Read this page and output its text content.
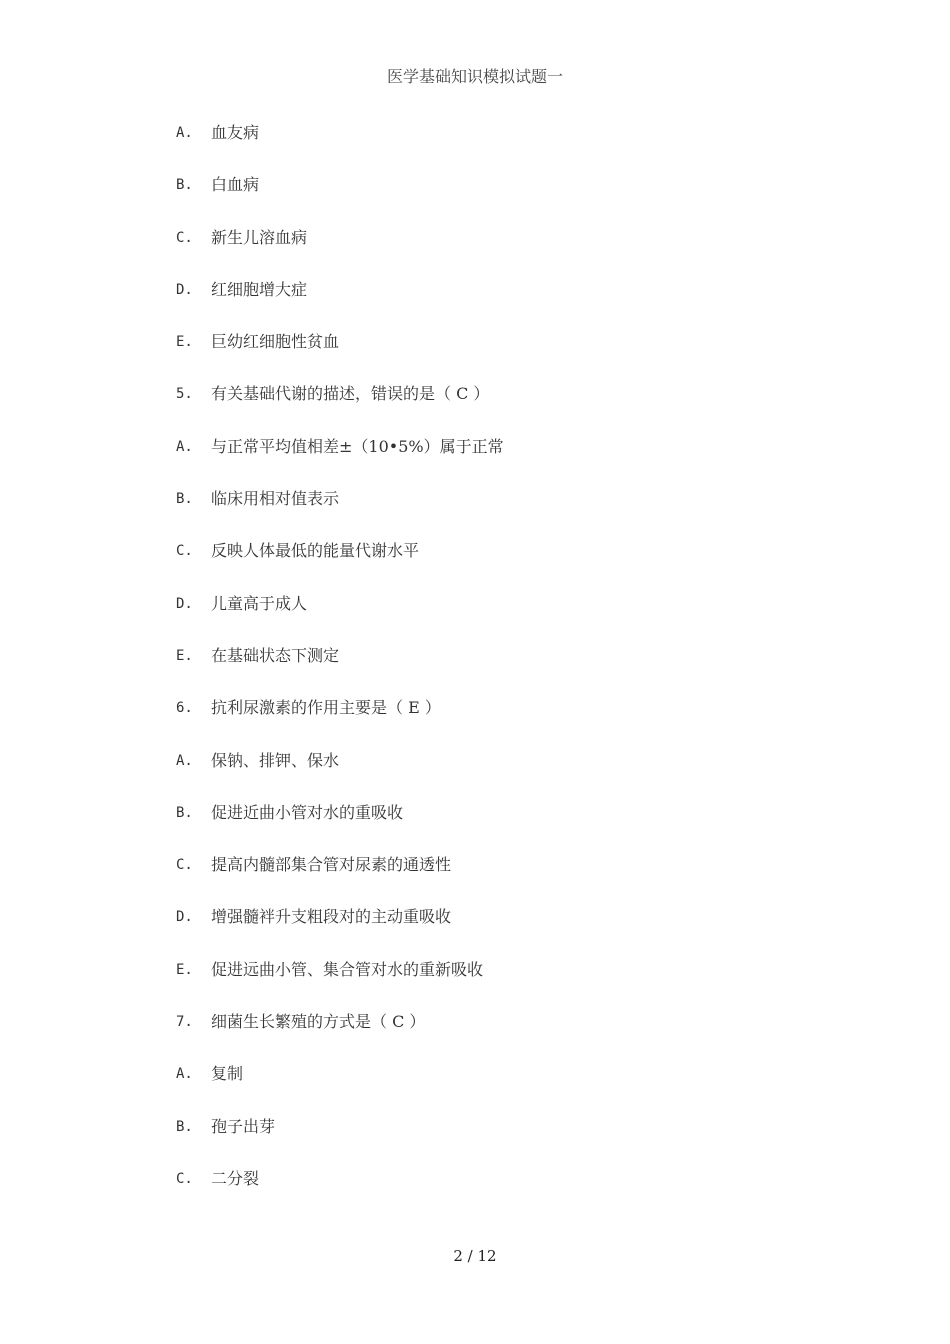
医学基础知识模拟试题一
A.	血友病
B.	白血病
C.	新生儿溶血病
D.	红细胞增大症
E.	巨幼红细胞性贫血
5.	有关基础代谢的描述，错误的是（ C ）
A.	与正常平均值相差±（10•5%）属于正常
B.	临床用相对值表示
C.	反映人体最低的能量代谢水平
D.	儿童高于成人
E.	在基础状态下测定
6.	抗利尿激素的作用主要是（ E ）
A.	保钠、排钾、保水
B.	促进近曲小管对水的重吸收
C.	提高内髓部集合管对尿素的通透性
D.	增强髓袢升支粗段对的主动重吸收
E.	促进远曲小管、集合管对水的重新吸收
7.	细菌生长繁殖的方式是（ C ）
A.	复制
B.	孢子出芽
C.	二分裂
2 / 12
